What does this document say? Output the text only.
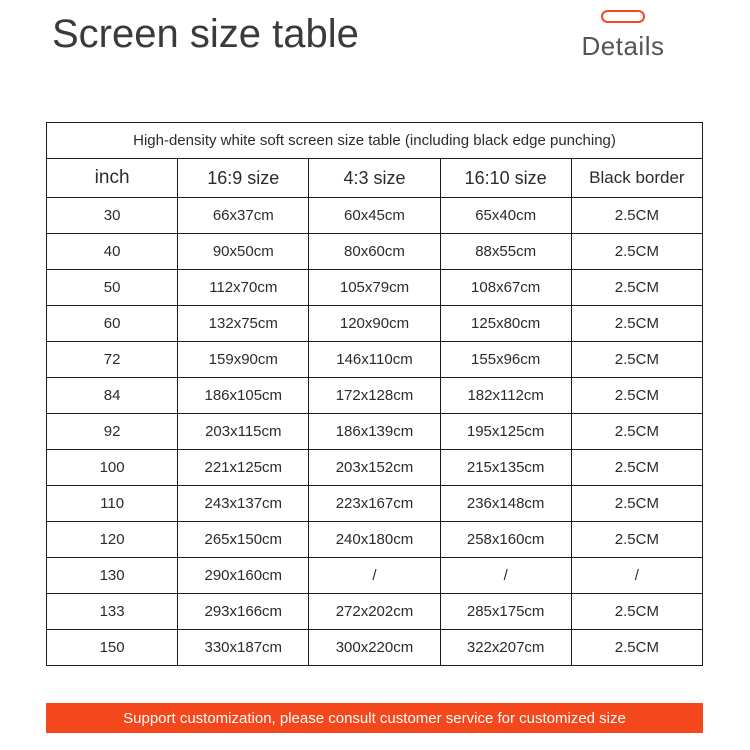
Screen size table	Details
High-density white soft screen size table (including black edge punching)				
inch	16:9 size	4:3 size	16:10 size	Black border
30	66x37cm	60x45cm	65x40cm	2.5CM
40	90x50cm	80x60cm	88x55cm	2.5CM
50	112x70cm	105x79cm	108x67cm	2.5CM
60	132x75cm	120x90cm	125x80cm	2.5CM
72	159x90cm	146x110cm	155x96cm	2.5CM
84	186x105cm	172x128cm	182x112cm	2.5CM
92	203x115cm	186x139cm	195x125cm	2.5CM
100	221x125cm	203x152cm	215x135cm	2.5CM
110	243x137cm	223x167cm	236x148cm	2.5CM
120	265x150cm	240x180cm	258x160cm	2.5CM
130	290x160cm	/	/	/
133	293x166cm	272x202cm	285x175cm	2.5CM
150	330x187cm	300x220cm	322x207cm	2.5CM
Support customization, please consult customer service for customized size
